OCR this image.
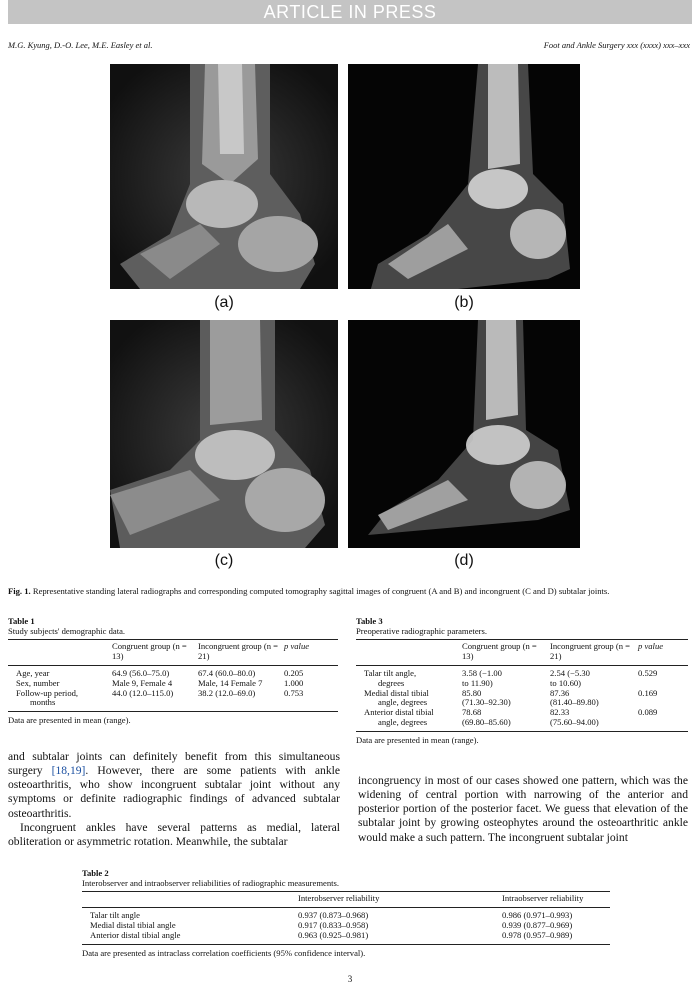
ARTICLE IN PRESS
M.G. Kyung, D.-O. Lee, M.E. Easley et al.	Foot and Ankle Surgery xxx (xxxx) xxx–xxx
(a)	(b)
(c)	(d)
Fig. 1. Representative standing lateral radiographs and corresponding computed tomography sagittal images of congruent (A and B) and incongruent (C and D) subtalar joints.
Table 1
Study subjects' demographic data.
	Congruent group (n = 13)	Incongruent group (n = 21)	p value
Age, year	64.9 (56.0–75.0)	67.4 (60.0–80.0)	0.205
Sex, number	Male 9, Female 4	Male, 14 Female 7	1.000
Follow-up period,
months	44.0 (12.0–115.0)	38.2 (12.0–69.0)	0.753
Data are presented in mean (range).
Table 3
Preoperative radiographic parameters.
	Congruent group (n = 13)	Incongruent group (n = 21)	p value
Talar tilt angle,
degrees	3.58 (−1.00
to 11.90)	2.54 (−5.30
to 10.60)	0.529
Medial distal tibial
angle, degrees	85.80
(71.30–92.30)	87.36
(81.40–89.80)	0.169
Anterior distal tibial
angle, degrees	78.68
(69.80–85.60)	82.33
(75.60–94.00)	0.089
Data are presented in mean (range).

and subtalar joints can definitely benefit from this simultaneous surgery [18,19]. However, there are some patients with ankle osteoarthritis, who show incongruent subtalar joint without any symptoms or definite radiographic findings of advanced subtalar osteoarthritis.

Incongruent ankles have several patterns as medial, lateral obliteration or asymmetric rotation. Meanwhile, the subtalar

incongruency in most of our cases showed one pattern, which was the widening of central portion with narrowing of the anterior and posterior portion of the posterior facet. We guess that elevation of the subtalar joint by growing osteophytes around the osteoarthritic ankle would make a such pattern. The incongruent subtalar joint

Table 2
Interobserver and intraobserver reliabilities of radiographic measurements.
	Interobserver reliability	Intraobserver reliability
Talar tilt angle	0.937 (0.873–0.968)	0.986 (0.971–0.993)
Medial distal tibial angle	0.917 (0.833–0.958)	0.939 (0.877–0.969)
Anterior distal tibial angle	0.963 (0.925–0.981)	0.978 (0.957–0.989)
Data are presented as intraclass correlation coefficients (95% confidence interval).
3
